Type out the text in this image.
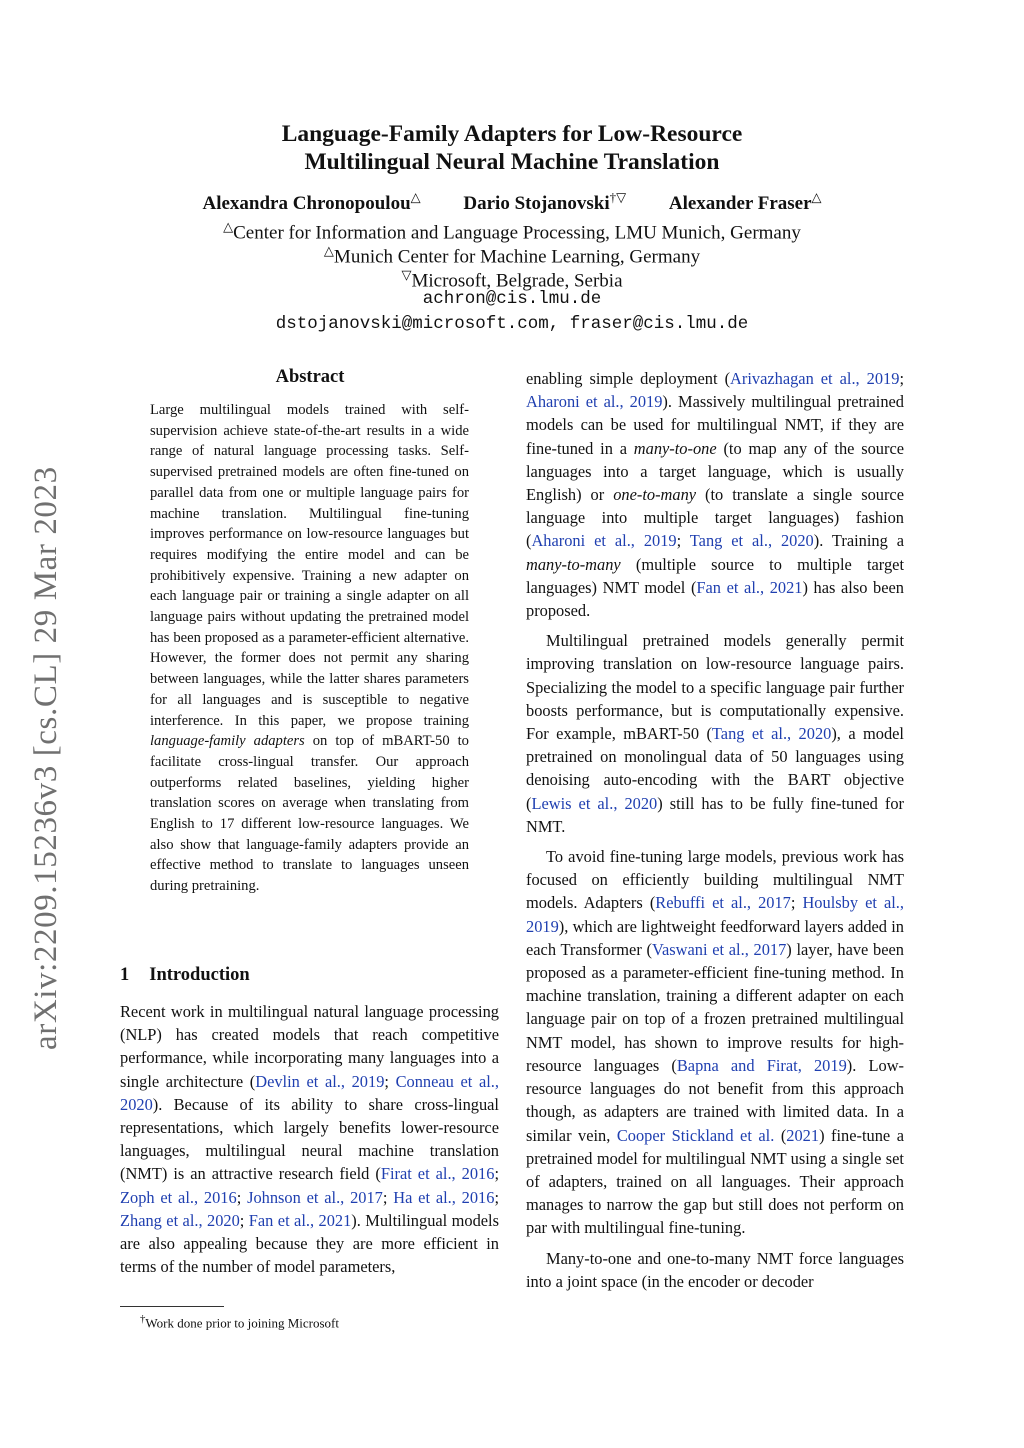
arXiv:2209.15236v3 [cs.CL] 29 Mar 2023
Language-Family Adapters for Low-Resource
Multilingual Neural Machine Translation
Alexandra Chronopoulou△ Dario Stojanovski†▽ Alexander Fraser△
△Center for Information and Language Processing, LMU Munich, Germany
△Munich Center for Machine Learning, Germany
▽Microsoft, Belgrade, Serbia
achron@cis.lmu.de
dstojanovski@microsoft.com, fraser@cis.lmu.de
Abstract
Large multilingual models trained with self-supervision achieve state-of-the-art results in a wide range of natural language processing tasks. Self-supervised pretrained models are often fine-tuned on parallel data from one or multiple language pairs for machine translation. Multilingual fine-tuning improves performance on low-resource languages but requires modifying the entire model and can be prohibitively expensive. Training a new adapter on each language pair or training a single adapter on all language pairs without updating the pretrained model has been proposed as a parameter-efficient alternative. However, the former does not permit any sharing between languages, while the latter shares parameters for all languages and is susceptible to negative interference. In this paper, we propose training language-family adapters on top of mBART-50 to facilitate cross-lingual transfer. Our approach outperforms related baselines, yielding higher translation scores on average when translating from English to 17 different low-resource languages. We also show that language-family adapters provide an effective method to translate to languages unseen during pretraining.
1 Introduction

Recent work in multilingual natural language processing (NLP) has created models that reach competitive performance, while incorporating many languages into a single architecture (Devlin et al., 2019; Conneau et al., 2020). Because of its ability to share cross-lingual representations, which largely benefits lower-resource languages, multilingual neural machine translation (NMT) is an attractive research field (Firat et al., 2016; Zoph et al., 2016; Johnson et al., 2017; Ha et al., 2016; Zhang et al., 2020; Fan et al., 2021). Multilingual models are also appealing because they are more efficient in terms of the number of model parameters,

enabling simple deployment (Arivazhagan et al., 2019; Aharoni et al., 2019). Massively multilingual pretrained models can be used for multilingual NMT, if they are fine-tuned in a many-to-one (to map any of the source languages into a target language, which is usually English) or one-to-many (to translate a single source language into multiple target languages) fashion (Aharoni et al., 2019; Tang et al., 2020). Training a many-to-many (multiple source to multiple target languages) NMT model (Fan et al., 2021) has also been proposed.

Multilingual pretrained models generally permit improving translation on low-resource language pairs. Specializing the model to a specific language pair further boosts performance, but is computationally expensive. For example, mBART-50 (Tang et al., 2020), a model pretrained on monolingual data of 50 languages using denoising auto-encoding with the BART objective (Lewis et al., 2020) still has to be fully fine-tuned for NMT.

To avoid fine-tuning large models, previous work has focused on efficiently building multilingual NMT models. Adapters (Rebuffi et al., 2017; Houlsby et al., 2019), which are lightweight feedforward layers added in each Transformer (Vaswani et al., 2017) layer, have been proposed as a parameter-efficient fine-tuning method. In machine translation, training a different adapter on each language pair on top of a frozen pretrained multilingual NMT model, has shown to improve results for high-resource languages (Bapna and Firat, 2019). Low-resource languages do not benefit from this approach though, as adapters are trained with limited data. In a similar vein, Cooper Stickland et al. (2021) fine-tune a pretrained model for multilingual NMT using a single set of adapters, trained on all languages. Their approach manages to narrow the gap but still does not perform on par with multilingual fine-tuning.

Many-to-one and one-to-many NMT force languages into a joint space (in the encoder or decoder

†Work done prior to joining Microsoft
